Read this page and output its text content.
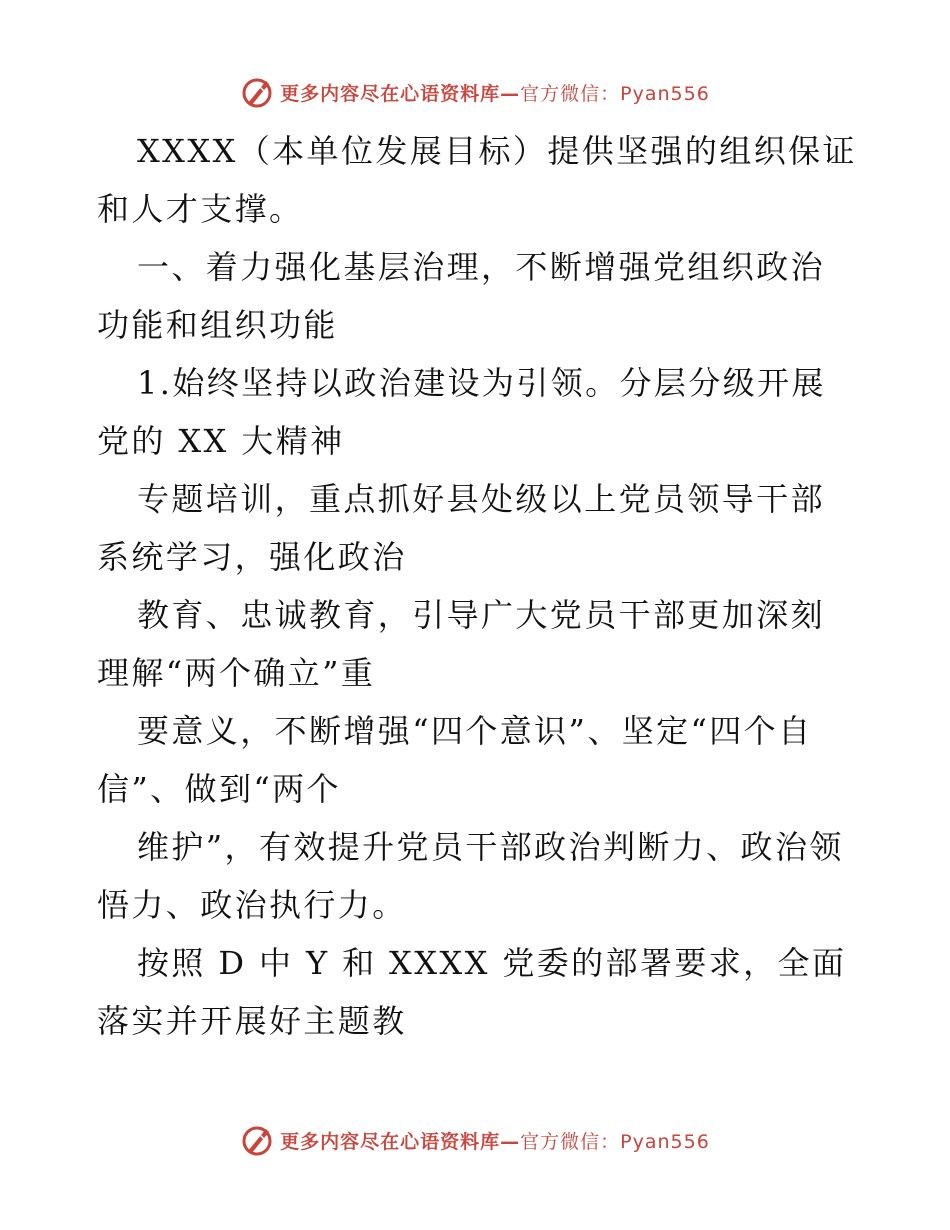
更多内容尽在心语资料库—官方微信：Pyan556

XXXX（本单位发展目标）提供坚强的组织保证和人才支撑。

一、着力强化基层治理，不断增强党组织政治功能和组织功能

1.始终坚持以政治建设为引领。分层分级开展党的 XX 大精神

专题培训，重点抓好县处级以上党员领导干部系统学习，强化政治

教育、忠诚教育，引导广大党员干部更加深刻理解“两个确立”重

要意义，不断增强“四个意识”、坚定“四个自信”、做到“两个

维护”，有效提升党员干部政治判断力、政治领悟力、政治执行力。

按照 D 中 Y 和 XXXX 党委的部署要求，全面落实并开展好主题教

更多内容尽在心语资料库—官方微信：Pyan556
